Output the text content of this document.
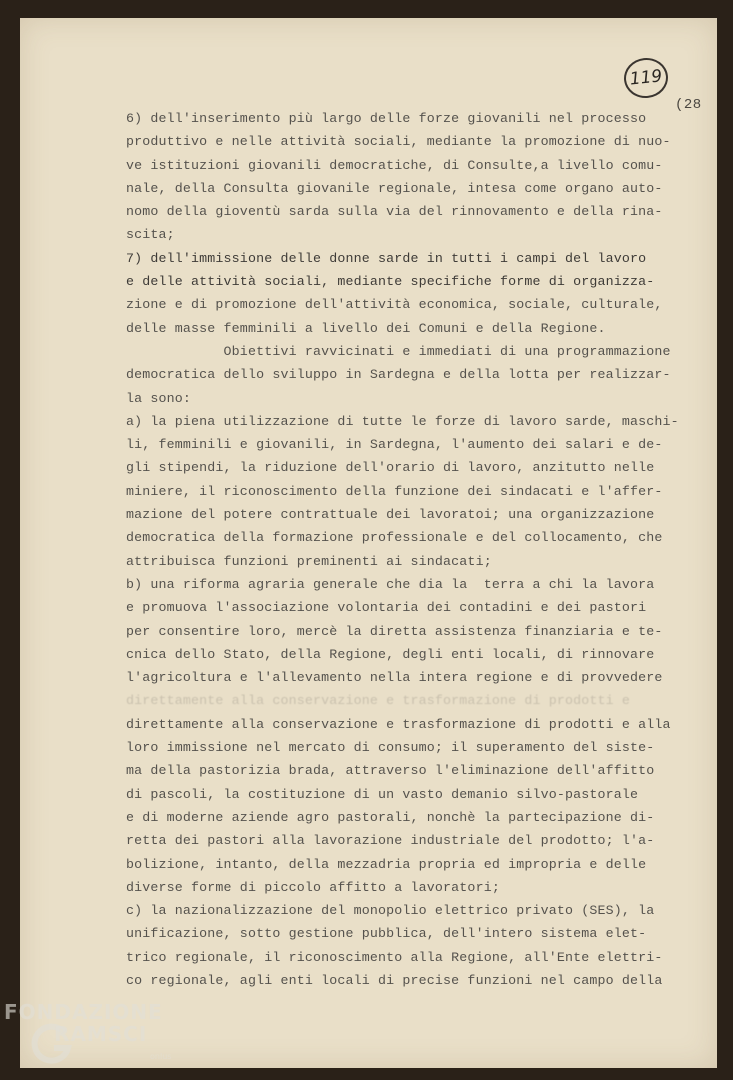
119
(28
6) dell'inserimento più largo delle forze giovanili nel processo
produttivo e nelle attività sociali, mediante la promozione di nuo-
ve istituzioni giovanili democratiche, di Consulte,a livello comu-
nale, della Consulta giovanile regionale, intesa come organo auto-
nomo della gioventù sarda sulla via del rinnovamento e della rina-
scita;
7) dell'immissione delle donne sarde in tutti i campi del lavoro
e delle attività sociali, mediante specifiche forme di organizza-
zione e di promozione dell'attività economica, sociale, culturale,
delle masse femminili a livello dei Comuni e della Regione.
Obiettivi ravvicinati e immediati di una programmazione
democratica dello sviluppo in Sardegna e della lotta per realizzar-
la sono:
a) la piena utilizzazione di tutte le forze di lavoro sarde, maschi-
li, femminili e giovanili, in Sardegna, l'aumento dei salari e de-
gli stipendi, la riduzione dell'orario di lavoro, anzitutto nelle
miniere, il riconoscimento della funzione dei sindacati e l'affer-
mazione del potere contrattuale dei lavoratoi; una organizzazione
democratica della formazione professionale e del collocamento, che
attribuisca funzioni preminenti ai sindacati;
b) una riforma agraria generale che dia la  terra a chi la lavora
e promuova l'associazione volontaria dei contadini e dei pastori
per consentire loro, mercè la diretta assistenza finanziaria e te-
cnica dello Stato, della Regione, degli enti locali, di rinnovare
l'agricoltura e l'allevamento nella intera regione e di provvedere
direttamente alla conservazione e trasformazione di prodotti e
direttamente alla conservazione e trasformazione di prodotti e alla
loro immissione nel mercato di consumo; il superamento del siste-
ma della pastorizia brada, attraverso l'eliminazione dell'affitto
di pascoli, la costituzione di un vasto demanio silvo-pastorale
e di moderne aziende agro pastorali, nonchè la partecipazione di-
retta dei pastori alla lavorazione industriale del prodotto; l'a-
bolizione, intanto, della mezzadria propria ed impropria e delle
diverse forme di piccolo affitto a lavoratori;
c) la nazionalizzazione del monopolio elettrico privato (SES), la
unificazione, sotto gestione pubblica, dell'intero sistema elet-
trico regionale, il riconoscimento alla Regione, all'Ente elettri-
co regionale, agli enti locali di precise funzioni nel campo della
FONDAZIONE
RAMSCI
onlus
